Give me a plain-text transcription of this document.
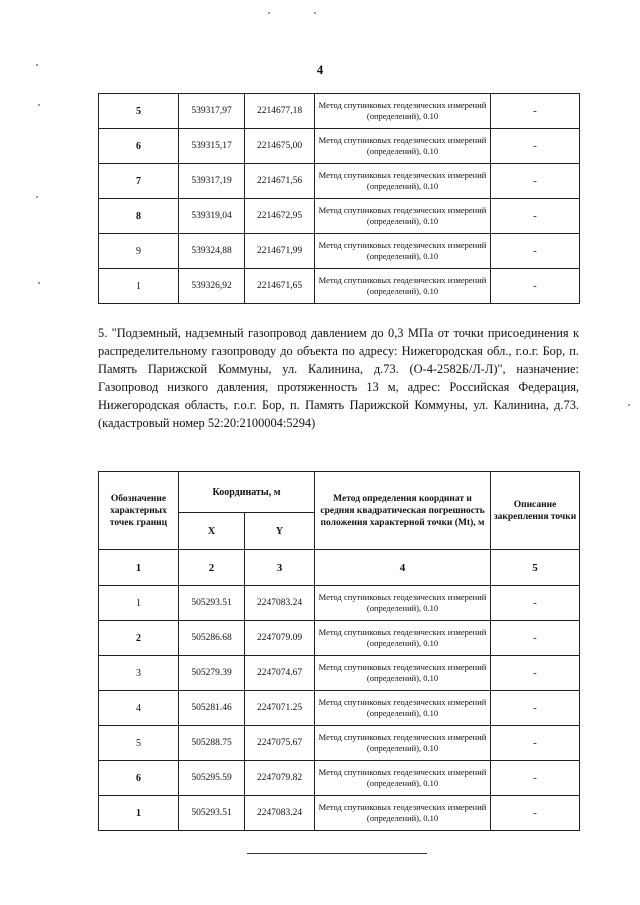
4
5	539317,97	2214677,18	Метод спутниковых геодезических измерений (определений), 0.10	-
6	539315,17	2214675,00	Метод спутниковых геодезических измерений (определений), 0.10	-
7	539317,19	2214671,56	Метод спутниковых геодезических измерений (определений), 0.10	-
8	539319,04	2214672,95	Метод спутниковых геодезических измерений (определений), 0.10	-
9	539324,88	2214671,99	Метод спутниковых геодезических измерений (определений), 0.10	-
1	539326,92	2214671,65	Метод спутниковых геодезических измерений (определений), 0.10	-
5. "Подземный, надземный газопровод давлением до 0,3 МПа от точки присоединения к распределительному газопроводу до объекта по адресу: Нижегородская обл., г.о.г. Бор, п. Память Парижской Коммуны, ул. Калинина, д.73. (О-4-2582Б/Л-Л)", назначение: Газопровод низкого давления, протяженность 13 м, адрес: Российская Федерация, Нижегородская область, г.о.г. Бор, п. Память Парижской Коммуны, ул. Калинина, д.73. (кадастровый номер 52:20:2100004:5294)
Обозначение характерных точек границ	Координаты, м		Метод определения координат и средняя квадратическая погрешность положения характерной точки (Mt), м	Описание закрепления точки
	X	Y		
1	2	3	4	5
1	505293.51	2247083.24	Метод спутниковых геодезических измерений (определений), 0.10	-
2	505286.68	2247079.09	Метод спутниковых геодезических измерений (определений), 0.10	-
3	505279.39	2247074.67	Метод спутниковых геодезических измерений (определений), 0.10	-
4	505281.46	2247071.25	Метод спутниковых геодезических измерений (определений), 0.10	-
5	505288.75	2247075.67	Метод спутниковых геодезических измерений (определений), 0.10	-
6	505295.59	2247079.82	Метод спутниковых геодезических измерений (определений), 0.10	-
1	505293.51	2247083.24	Метод спутниковых геодезических измерений (определений), 0.10	-
